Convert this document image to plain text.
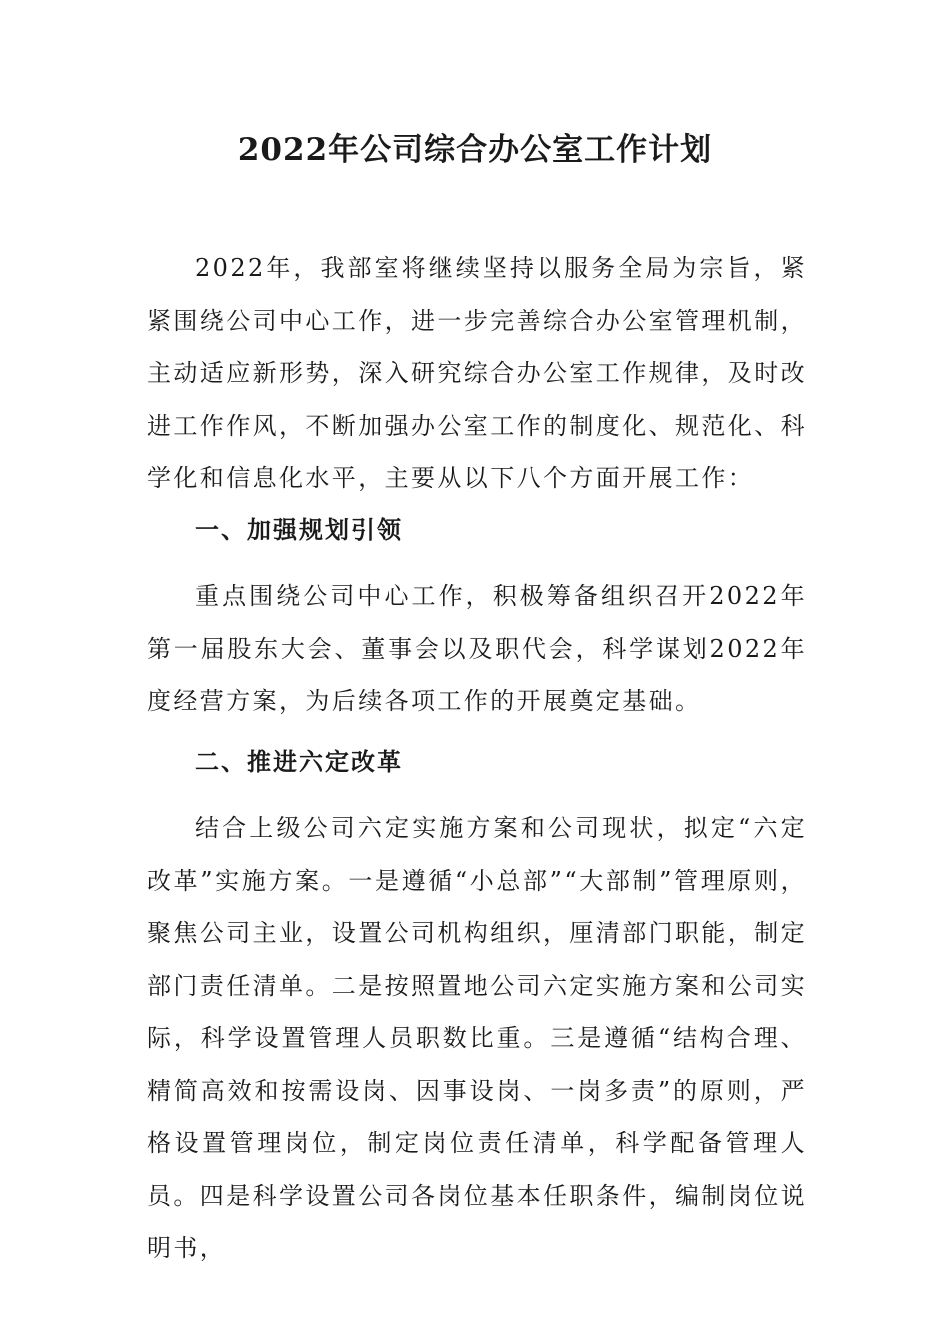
2022年公司综合办公室工作计划

2022年，我部室将继续坚持以服务全局为宗旨，紧紧围绕公司中心工作，进一步完善综合办公室管理机制，主动适应新形势，深入研究综合办公室工作规律，及时改进工作作风，不断加强办公室工作的制度化、规范化、科学化和信息化水平，主要从以下八个方面开展工作：

一、加强规划引领

重点围绕公司中心工作，积极筹备组织召开2022年第一届股东大会、董事会以及职代会，科学谋划2022年度经营方案，为后续各项工作的开展奠定基础。

二、推进六定改革

结合上级公司六定实施方案和公司现状，拟定“六定改革”实施方案。一是遵循“小总部”“大部制”管理原则，聚焦公司主业，设置公司机构组织，厘清部门职能，制定部门责任清单。二是按照置地公司六定实施方案和公司实际，科学设置管理人员职数比重。三是遵循“结构合理、精简高效和按需设岗、因事设岗、一岗多责”的原则，严格设置管理岗位，制定岗位责任清单，科学配备管理人员。四是科学设置公司各岗位基本任职条件，编制岗位说明书，
